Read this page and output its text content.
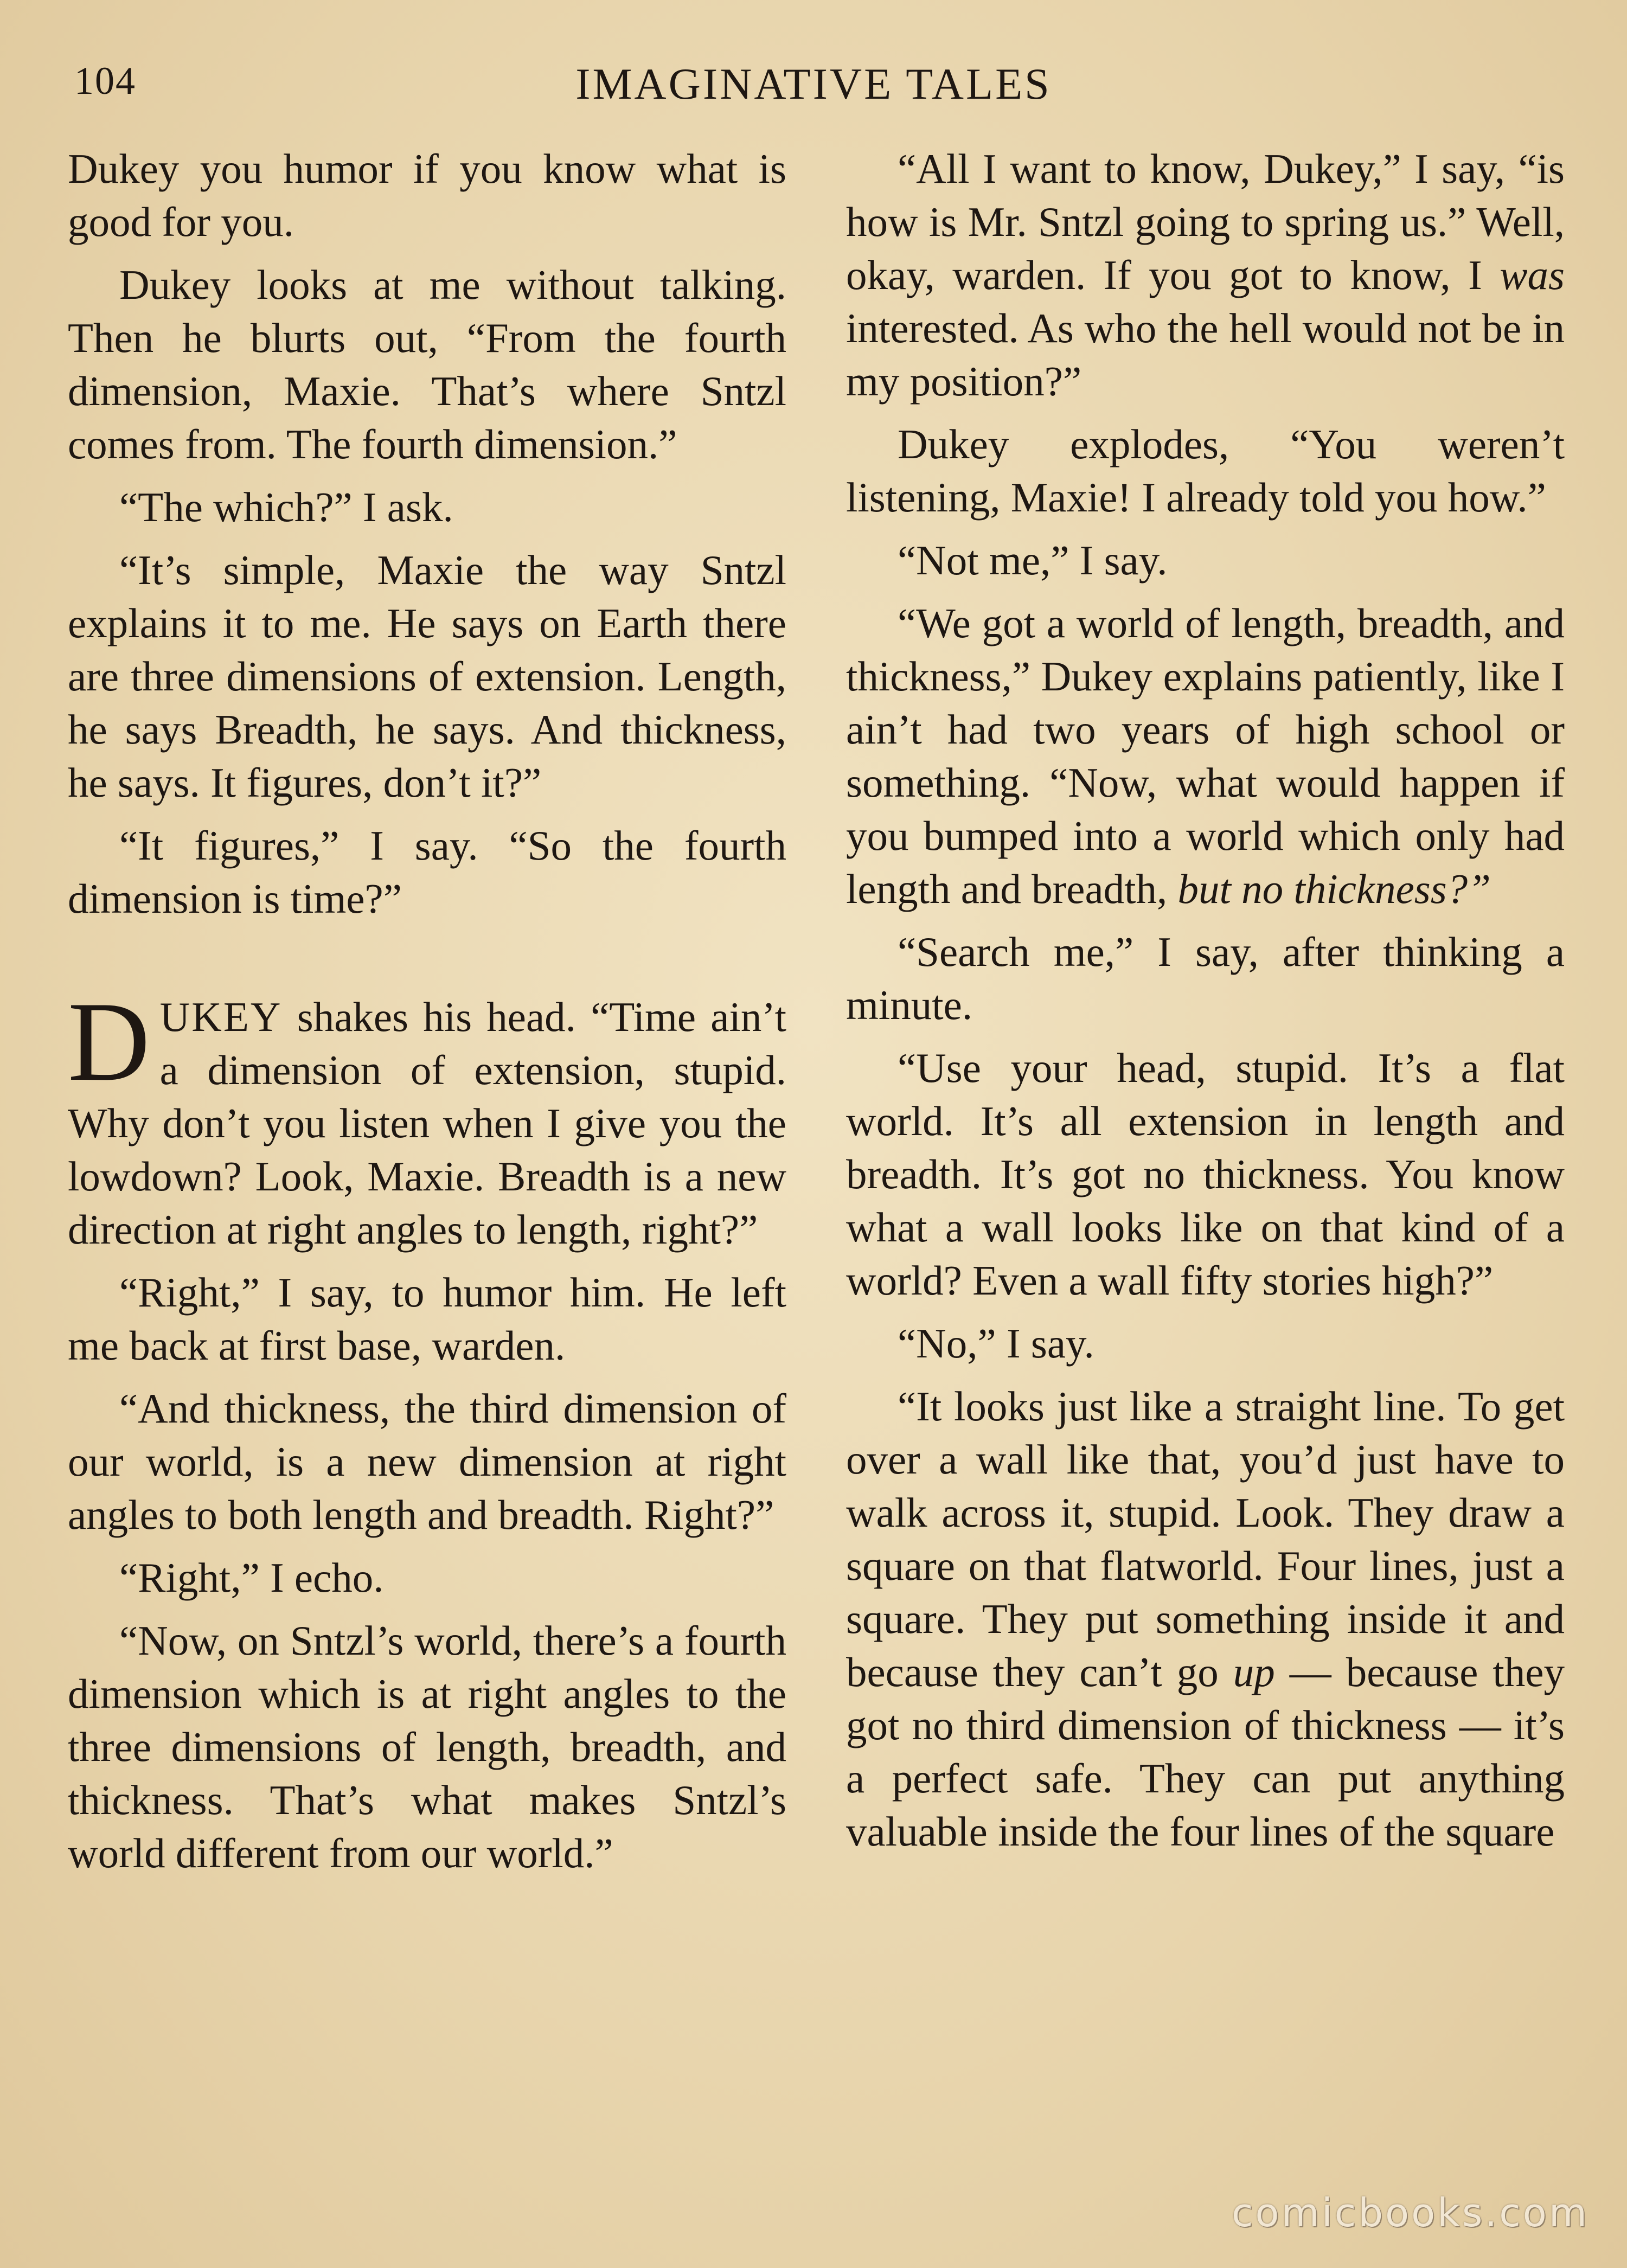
104	IMAGINATIVE TALES

Dukey you humor if you know what is good for you.

Dukey looks at me without talking. Then he blurts out, “From the fourth dimension, Maxie. That’s where Sntzl comes from. The fourth dimension.”

“The which?” I ask.

“It’s simple, Maxie the way Sntzl explains it to me. He says on Earth there are three dimensions of extension. Length, he says Breadth, he says. And thickness, he says. It figures, don’t it?”

“It figures,” I say. “So the fourth dimension is time?”

DUKEY shakes his head. “Time ain’t a dimension of extension, stupid. Why don’t you listen when I give you the lowdown? Look, Maxie. Breadth is a new direction at right angles to length, right?”

“Right,” I say, to humor him. He left me back at first base, warden.

“And thickness, the third dimension of our world, is a new dimension at right angles to both length and breadth. Right?”

“Right,” I echo.

“Now, on Sntzl’s world, there’s a fourth dimension which is at right angles to the three dimensions of length, breadth, and thickness. That’s what makes Sntzl’s world different from our world.”

“All I want to know, Dukey,” I say, “is how is Mr. Sntzl going to spring us.” Well, okay, warden. If you got to know, I was interested. As who the hell would not be in my position?”

Dukey explodes, “You weren’t listening, Maxie! I already told you how.”

“Not me,” I say.

“We got a world of length, breadth, and thickness,” Dukey explains patiently, like I ain’t had two years of high school or something. “Now, what would happen if you bumped into a world which only had length and breadth, but no thickness?”

“Search me,” I say, after thinking a minute.

“Use your head, stupid. It’s a flat world. It’s all extension in length and breadth. It’s got no thickness. You know what a wall looks like on that kind of a world? Even a wall fifty stories high?”

“No,” I say.

“It looks just like a straight line. To get over a wall like that, you’d just have to walk across it, stupid. Look. They draw a square on that flatworld. Four lines, just a square. They put something inside it and because they can’t go up — because they got no third dimension of thickness — it’s a perfect safe. They can put anything valuable inside the four lines of the square

comicbooks.com
